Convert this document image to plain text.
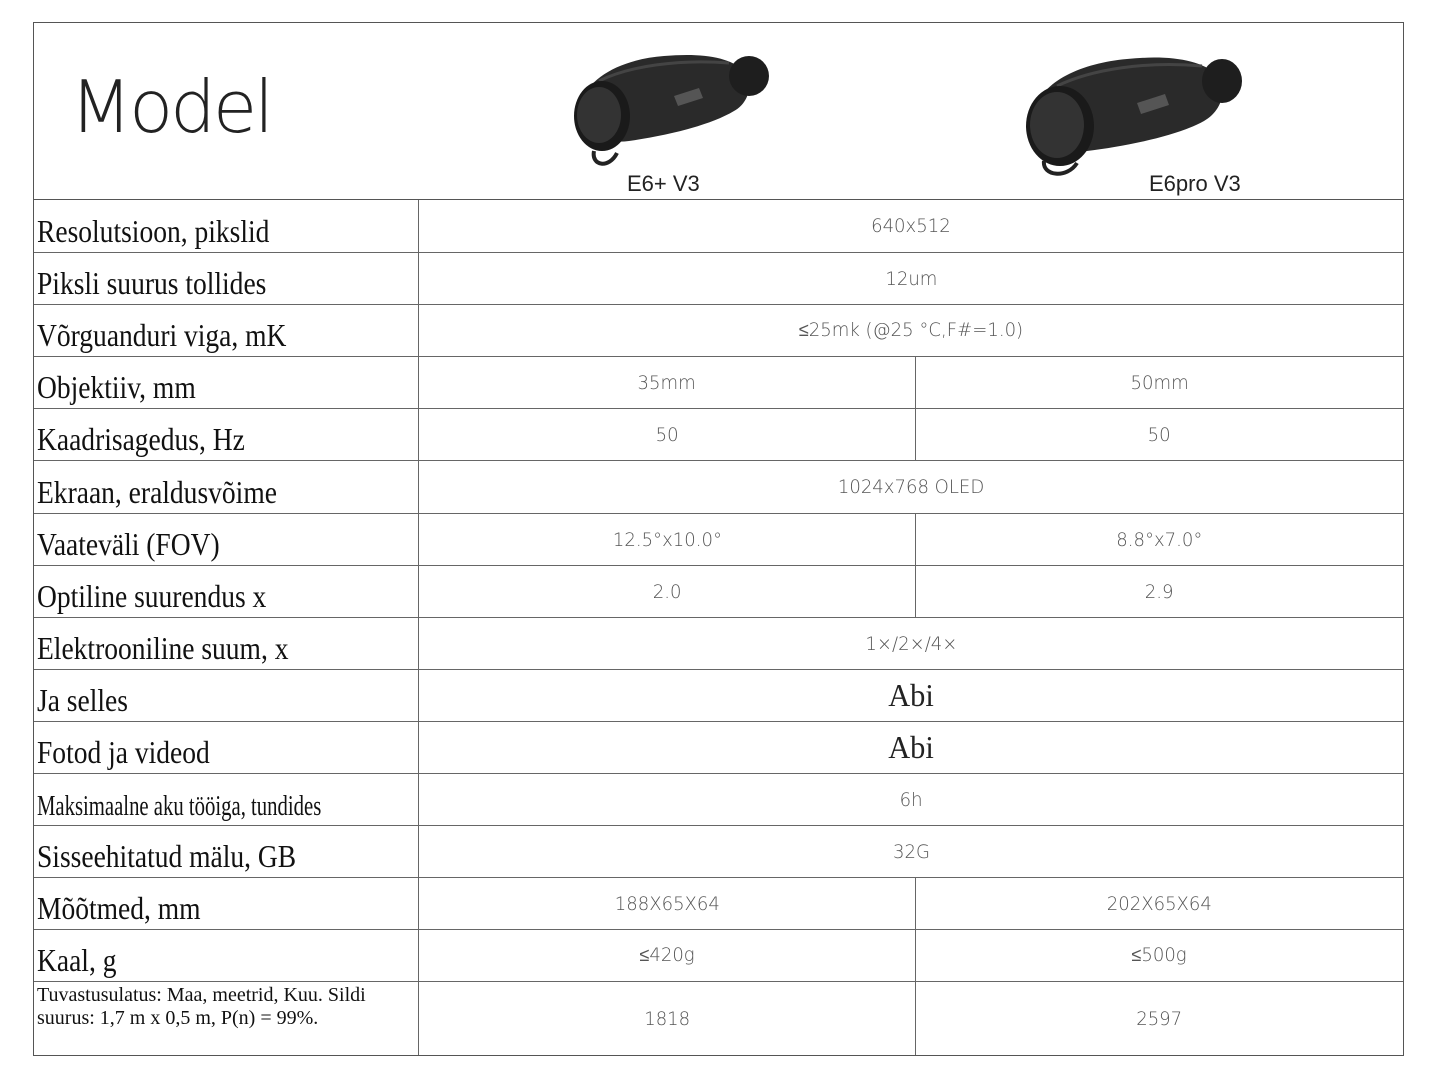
Model
E6+ V3	E6pro V3
Resolutsioon, pikslid	640x512
Piksli suurus tollides	12um
Võrguanduri viga, mK	≤25mk (@25 °C,F#=1.0)
Objektiiv, mm	35mm	50mm
Kaadrisagedus, Hz	50	50
Ekraan, eraldusvõime	1024x768 OLED
Vaateväli (FOV)	12.5°x10.0°	8.8°x7.0°
Optiline suurendus x	2.0	2.9
Elektrooniline suum, x	1×/2×/4×
Ja selles	Abi
Fotod ja videod	Abi
Maksimaalne aku tööiga, tundides	6h
Sisseehitatud mälu, GB	32G
Mõõtmed, mm	188X65X64	202X65X64
Kaal, g	≤420g	≤500g
Tuvastusulatus: Maa, meetrid, Kuu. Sildi suurus: 1,7 m x 0,5 m, P(n) = 99%.	1818	2597
